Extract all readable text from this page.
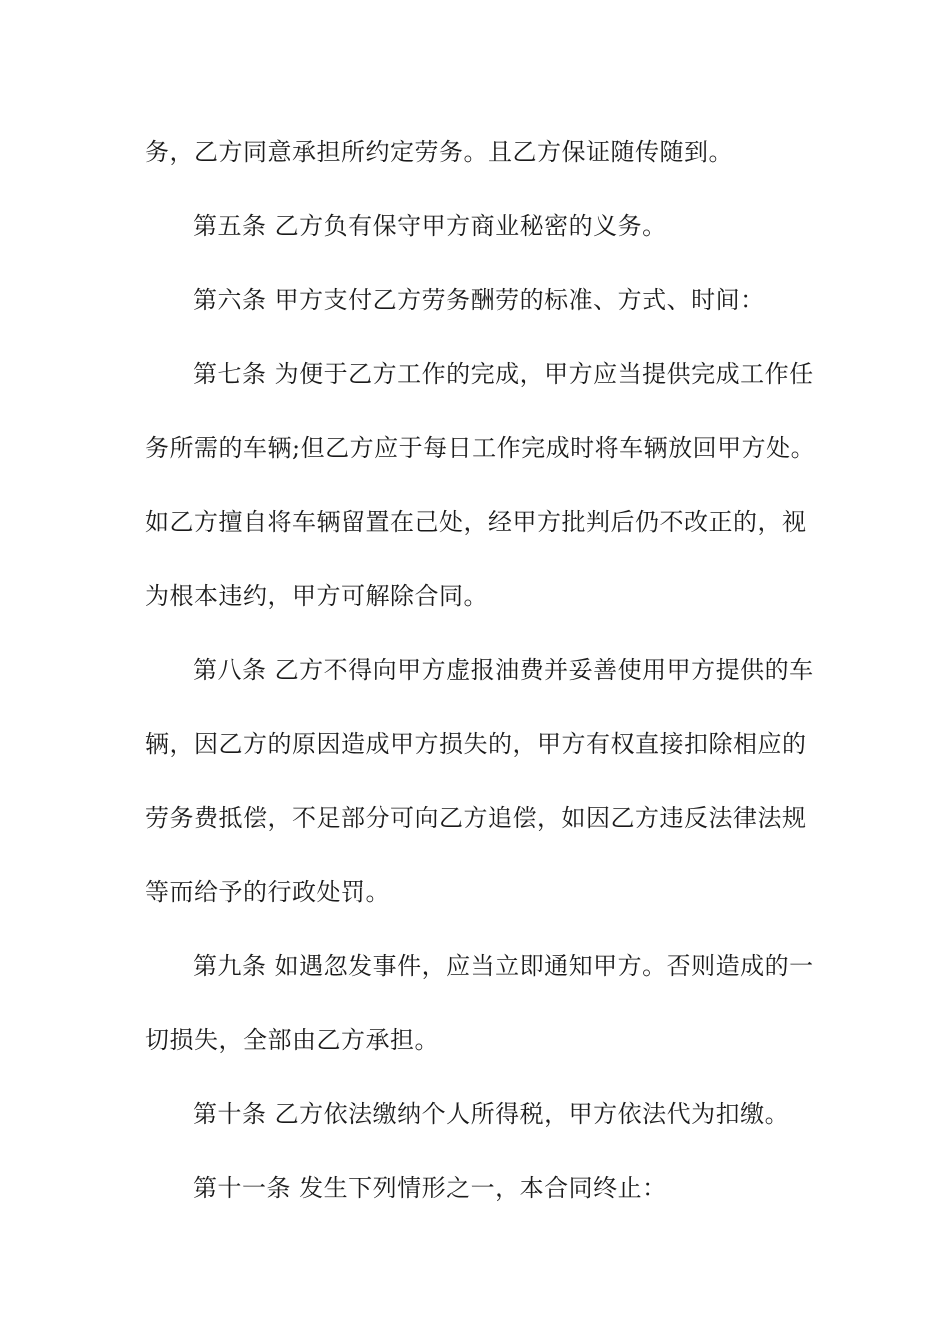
务，乙方同意承担所约定劳务。且乙方保证随传随到。
第五条 乙方负有保守甲方商业秘密的义务。
第六条 甲方支付乙方劳务酬劳的标准、方式、时间：
第七条 为便于乙方工作的完成，甲方应当提供完成工作任
务所需的车辆;但乙方应于每日工作完成时将车辆放回甲方处。
如乙方擅自将车辆留置在己处，经甲方批判后仍不改正的，视
为根本违约，甲方可解除合同。
第八条 乙方不得向甲方虚报油费并妥善使用甲方提供的车
辆，因乙方的原因造成甲方损失的，甲方有权直接扣除相应的
劳务费抵偿，不足部分可向乙方追偿，如因乙方违反法律法规
等而给予的行政处罚。
第九条 如遇忽发事件，应当立即通知甲方。否则造成的一
切损失，全部由乙方承担。
第十条 乙方依法缴纳个人所得税，甲方依法代为扣缴。
第十一条 发生下列情形之一，本合同终止：
